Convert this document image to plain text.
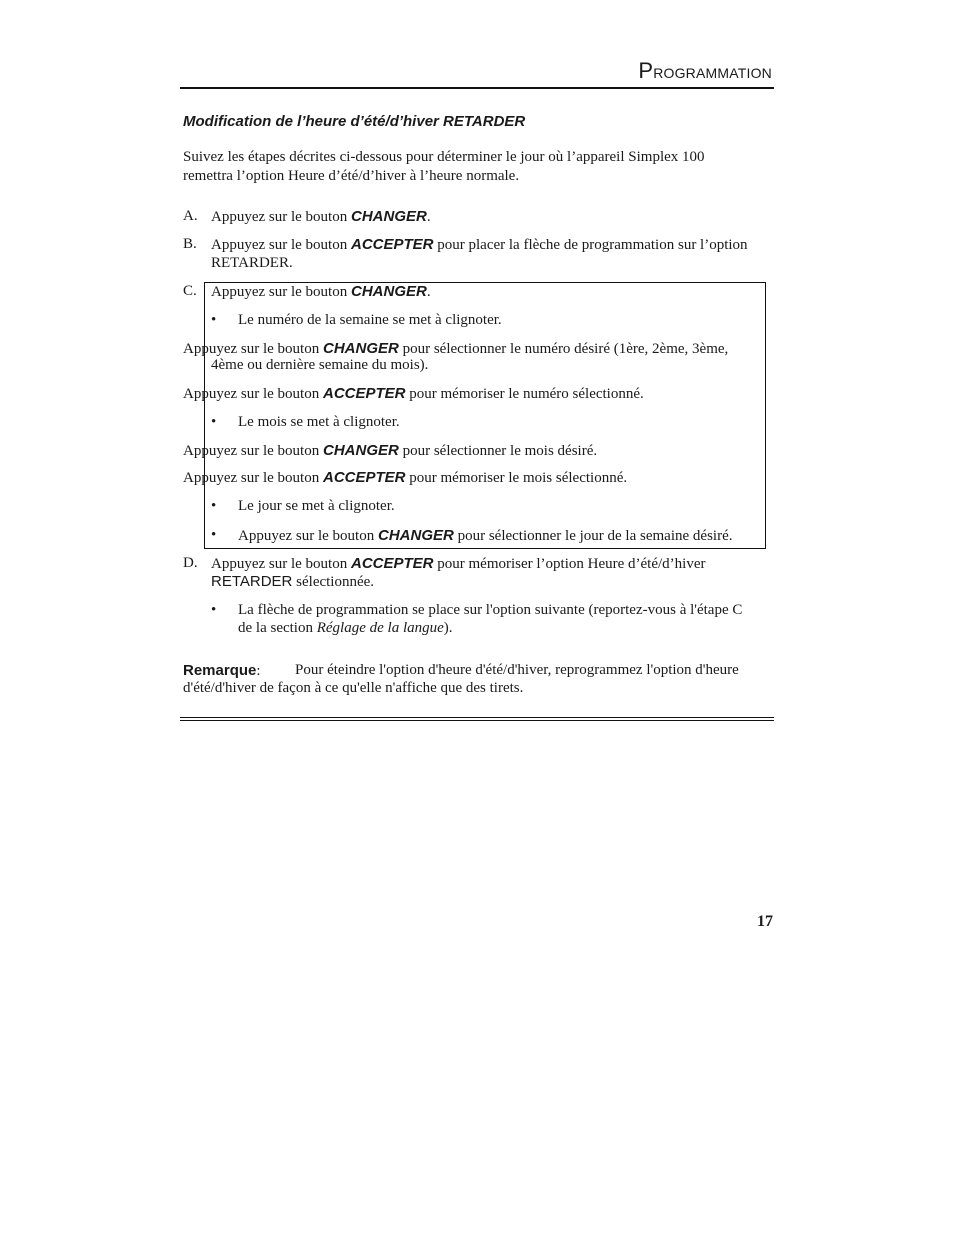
PROGRAMMATION
Modification de l’heure d’été/d’hiver RETARDER
Suivez les étapes décrites ci-dessous pour déterminer le jour où l’appareil Simplex 100
remettra l’option Heure d’été/d’hiver à l’heure normale.
A. Appuyez sur le bouton CHANGER.
B. Appuyez sur le bouton ACCEPTER pour placer la flèche de programmation sur l’option
RETARDER.
C. Appuyez sur le bouton CHANGER.
• Le numéro de la semaine se met à clignoter.
Appuyez sur le bouton CHANGER pour sélectionner le numéro désiré (1ère, 2ème, 3ème,
4ème ou dernière semaine du mois).
Appuyez sur le bouton ACCEPTER pour mémoriser le numéro sélectionné.
• Le mois se met à clignoter.
Appuyez sur le bouton CHANGER pour sélectionner le mois désiré.
Appuyez sur le bouton ACCEPTER pour mémoriser le mois sélectionné.
• Le jour se met à clignoter.
• Appuyez sur le bouton CHANGER pour sélectionner le jour de la semaine désiré.
D. Appuyez sur le bouton ACCEPTER pour mémoriser l’option Heure d’été/d’hiver
RETARDER sélectionnée.
• La flèche de programmation se place sur l'option suivante (reportez-vous à l'étape C
de la section Réglage de la langue).
Remarque: Pour éteindre l'option d'heure d'été/d'hiver, reprogrammez l'option d'heure
d'été/d'hiver de façon à ce qu'elle n'affiche que des tirets.
17
